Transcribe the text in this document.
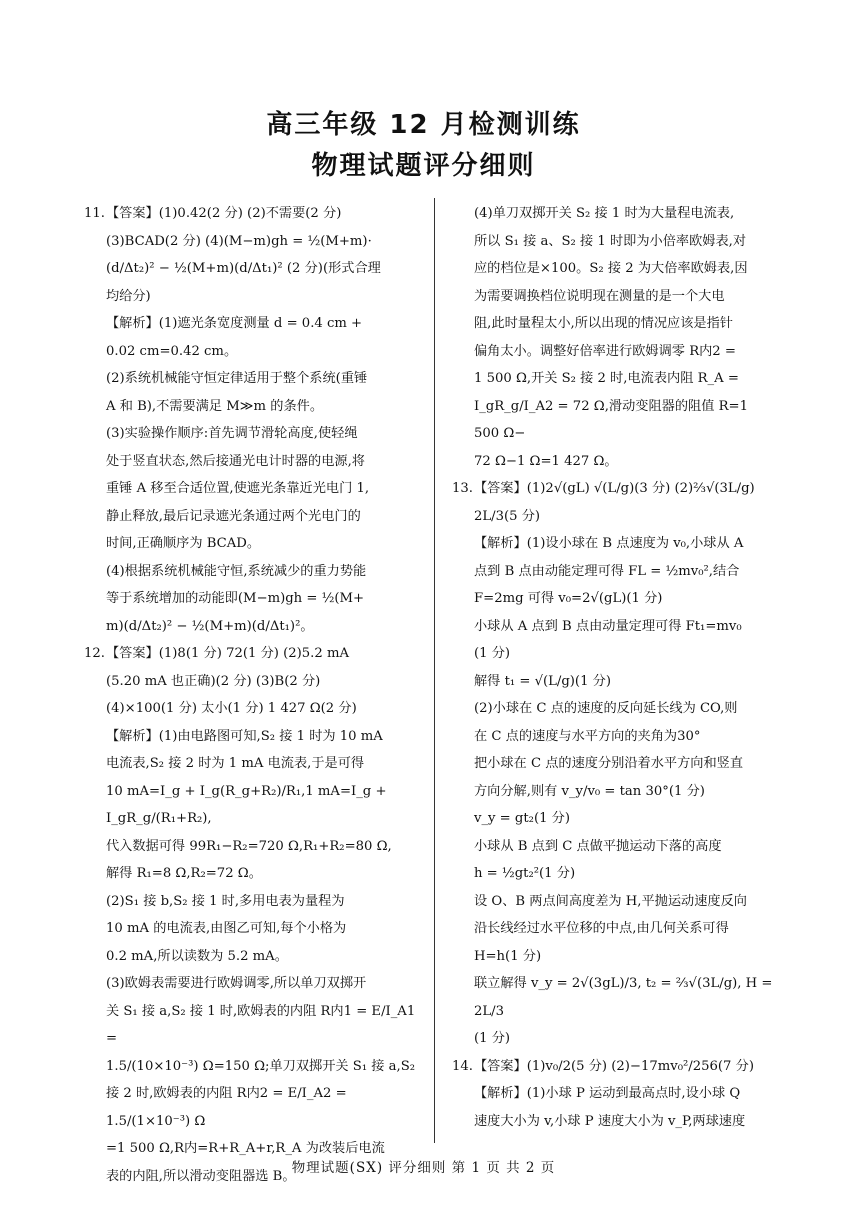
高三年级 12 月检测训练
物理试题评分细则
11. 【答案】(1)0.42(2 分) (2)不需要(2 分)
(3)BCAD(2 分) (4)(M−m)gh = ½(M+m)·
(d/Δt₂)² − ½(M+m)(d/Δt₁)² (2 分)(形式合理
均给分)
【解析】(1)遮光条宽度测量 d = 0.4 cm +
0.02 cm=0.42 cm。
(2)系统机械能守恒定律适用于整个系统(重锤
A 和 B),不需要满足 M≫m 的条件。
(3)实验操作顺序:首先调节滑轮高度,使轻绳
处于竖直状态,然后接通光电计时器的电源,将
重锤 A 移至合适位置,使遮光条靠近光电门 1,
静止释放,最后记录遮光条通过两个光电门的
时间,正确顺序为 BCAD。
(4)根据系统机械能守恒,系统减少的重力势能
等于系统增加的动能即(M−m)gh = ½(M+
m)(d/Δt₂)² − ½(M+m)(d/Δt₁)²。
12. 【答案】(1)8(1 分) 72(1 分) (2)5.2 mA
(5.20 mA 也正确)(2 分) (3)B(2 分)
(4)×100(1 分) 太小(1 分) 1 427 Ω(2 分)
【解析】(1)由电路图可知,S₂ 接 1 时为 10 mA
电流表,S₂ 接 2 时为 1 mA 电流表,于是可得
10 mA=I_g + I_g(R_g+R₂)/R₁,1 mA=I_g + I_gR_g/(R₁+R₂),
代入数据可得 99R₁−R₂=720 Ω,R₁+R₂=80 Ω,
解得 R₁=8 Ω,R₂=72 Ω。
(2)S₁ 接 b,S₂ 接 1 时,多用电表为量程为
10 mA 的电流表,由图乙可知,每个小格为
0.2 mA,所以读数为 5.2 mA。
(3)欧姆表需要进行欧姆调零,所以单刀双掷开
关 S₁ 接 a,S₂ 接 1 时,欧姆表的内阻 R内1 = E/I_A1 =
1.5/(10×10⁻³) Ω=150 Ω;单刀双掷开关 S₁ 接 a,S₂
接 2 时,欧姆表的内阻 R内2 = E/I_A2 = 1.5/(1×10⁻³) Ω
=1 500 Ω,R内=R+R_A+r,R_A 为改装后电流
表的内阻,所以滑动变阻器选 B。
(4)单刀双掷开关 S₂ 接 1 时为大量程电流表,
所以 S₁ 接 a、S₂ 接 1 时即为小倍率欧姆表,对
应的档位是×100。S₂ 接 2 为大倍率欧姆表,因
为需要调换档位说明现在测量的是一个大电
阻,此时量程太小,所以出现的情况应该是指针
偏角太小。调整好倍率进行欧姆调零 R内2 =
1 500 Ω,开关 S₂ 接 2 时,电流表内阻 R_A =
I_gR_g/I_A2 = 72 Ω,滑动变阻器的阻值 R=1 500 Ω−
72 Ω−1 Ω=1 427 Ω。
13. 【答案】(1)2√(gL) √(L/g)(3 分) (2)⅔√(3L/g)
2L/3(5 分)
【解析】(1)设小球在 B 点速度为 v₀,小球从 A
点到 B 点由动能定理可得 FL = ½mv₀²,结合
F=2mg 可得 v₀=2√(gL)(1 分)
小球从 A 点到 B 点由动量定理可得 Ft₁=mv₀
(1 分)
解得 t₁ = √(L/g)(1 分)
(2)小球在 C 点的速度的反向延长线为 CO,则
在 C 点的速度与水平方向的夹角为30°
把小球在 C 点的速度分别沿着水平方向和竖直
方向分解,则有 v_y/v₀ = tan 30°(1 分)
v_y = gt₂(1 分)
小球从 B 点到 C 点做平抛运动下落的高度
h = ½gt₂²(1 分)
设 O、B 两点间高度差为 H,平抛运动速度反向
沿长线经过水平位移的中点,由几何关系可得
H=h(1 分)
联立解得 v_y = 2√(3gL)/3, t₂ = ⅔√(3L/g), H = 2L/3
(1 分)
14. 【答案】(1)v₀/2(5 分) (2)−17mv₀²/256(7 分)
【解析】(1)小球 P 运动到最高点时,设小球 Q
速度大小为 v,小球 P 速度大小为 v_P,两球速度
物理试题(SX) 评分细则 第 1 页 共 2 页
